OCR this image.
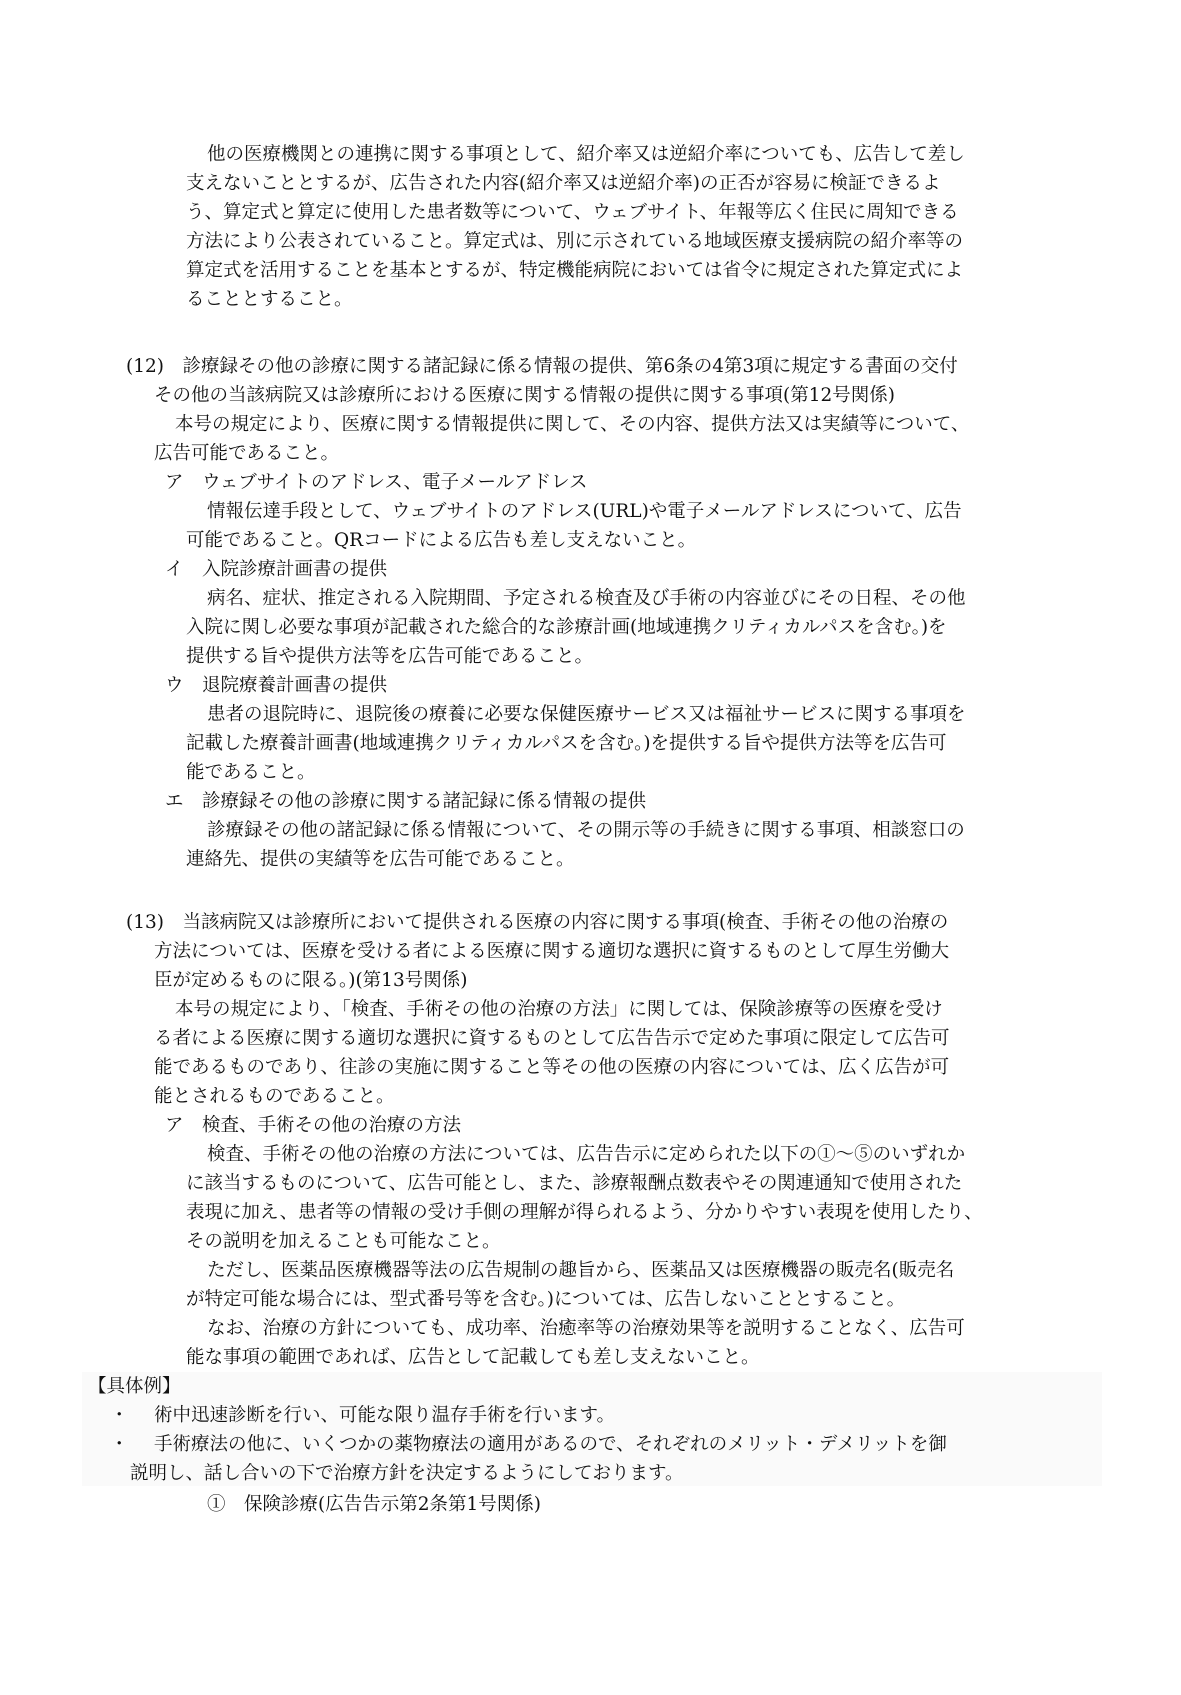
他の医療機関との連携に関する事項として、紹介率又は逆紹介率についても、広告して差し

支えないこととするが、広告された内容(紹介率又は逆紹介率)の正否が容易に検証できるよ

う、算定式と算定に使用した患者数等について、ウェブサイト、年報等広く住民に周知できる

方法により公表されていること。算定式は、別に示されている地域医療支援病院の紹介率等の

算定式を活用することを基本とするが、特定機能病院においては省令に規定された算定式によ

ることとすること。

(12)　診療録その他の診療に関する諸記録に係る情報の提供、第6条の4第3項に規定する書面の交付

その他の当該病院又は診療所における医療に関する情報の提供に関する事項(第12号関係)

本号の規定により、医療に関する情報提供に関して、その内容、提供方法又は実績等について、

広告可能であること。

ア　ウェブサイトのアドレス、電子メールアドレス

情報伝達手段として、ウェブサイトのアドレス(URL)や電子メールアドレスについて、広告

可能であること。QRコードによる広告も差し支えないこと。

イ　入院診療計画書の提供

病名、症状、推定される入院期間、予定される検査及び手術の内容並びにその日程、その他

入院に関し必要な事項が記載された総合的な診療計画(地域連携クリティカルパスを含む。)を

提供する旨や提供方法等を広告可能であること。

ウ　退院療養計画書の提供

患者の退院時に、退院後の療養に必要な保健医療サービス又は福祉サービスに関する事項を

記載した療養計画書(地域連携クリティカルパスを含む。)を提供する旨や提供方法等を広告可

能であること。

エ　診療録その他の診療に関する諸記録に係る情報の提供

診療録その他の諸記録に係る情報について、その開示等の手続きに関する事項、相談窓口の

連絡先、提供の実績等を広告可能であること。

(13)　当該病院又は診療所において提供される医療の内容に関する事項(検査、手術その他の治療の

方法については、医療を受ける者による医療に関する適切な選択に資するものとして厚生労働大

臣が定めるものに限る。)(第13号関係)

本号の規定により、「検査、手術その他の治療の方法」に関しては、保険診療等の医療を受け

る者による医療に関する適切な選択に資するものとして広告告示で定めた事項に限定して広告可

能であるものであり、往診の実施に関すること等その他の医療の内容については、広く広告が可

能とされるものであること。

ア　検査、手術その他の治療の方法

検査、手術その他の治療の方法については、広告告示に定められた以下の①～⑤のいずれか

に該当するものについて、広告可能とし、また、診療報酬点数表やその関連通知で使用された

表現に加え、患者等の情報の受け手側の理解が得られるよう、分かりやすい表現を使用したり、

その説明を加えることも可能なこと。

ただし、医薬品医療機器等法の広告規制の趣旨から、医薬品又は医療機器の販売名(販売名

が特定可能な場合には、型式番号等を含む。)については、広告しないこととすること。

なお、治療の方針についても、成功率、治癒率等の治療効果等を説明することなく、広告可

能な事項の範囲であれば、広告として記載しても差し支えないこと。

【具体例】

・ 術中迅速診断を行い、可能な限り温存手術を行います。

・ 手術療法の他に、いくつかの薬物療法の適用があるので、それぞれのメリット・デメリットを御

説明し、話し合いの下で治療方針を決定するようにしております。

①　保険診療(広告告示第2条第1号関係)
